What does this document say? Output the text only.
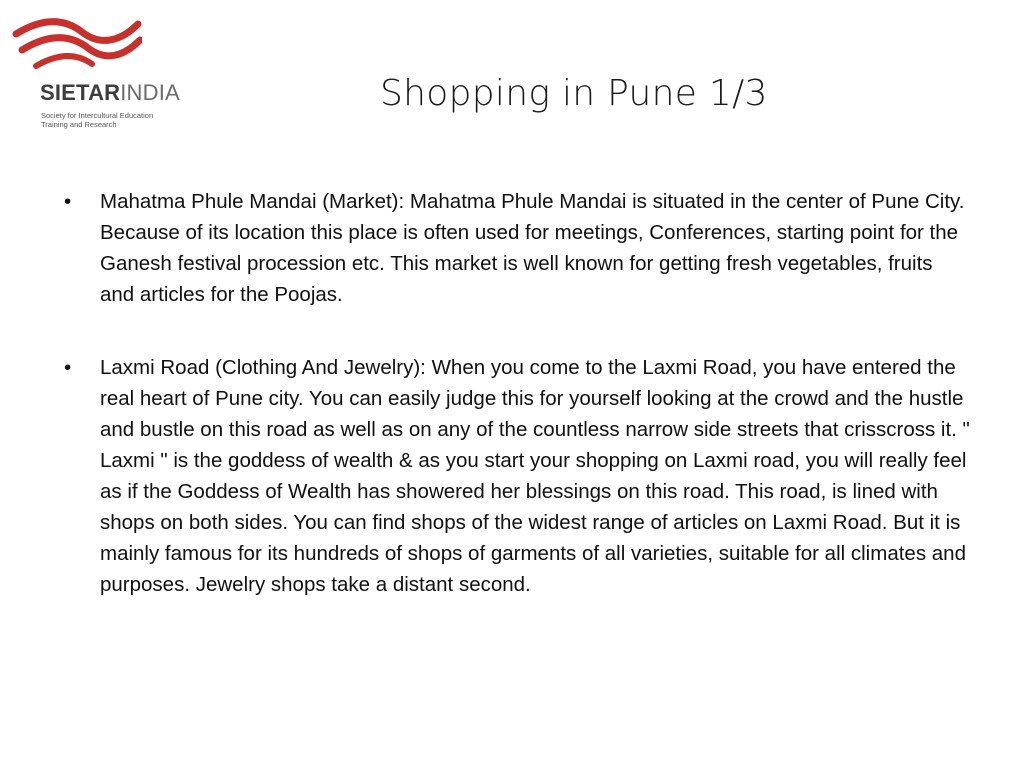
SIETARINDIA
Society for Intercultural Education
Training and Research
Shopping in Pune 1/3
• Mahatma Phule Mandai (Market): Mahatma Phule Mandai is situated in the center of Pune City. Because of its location this place is often used for meetings, Conferences, starting point for the Ganesh festival procession etc. This market is well known for getting fresh vegetables, fruits and articles for the Poojas.
• Laxmi Road (Clothing And Jewelry): When you come to the Laxmi Road, you have entered the real heart of Pune city. You can easily judge this for yourself looking at the crowd and the hustle and bustle on this road as well as on any of the countless narrow side streets that crisscross it. " Laxmi " is the goddess of wealth & as you start your shopping on Laxmi road, you will really feel as if the Goddess of Wealth has showered her blessings on this road. This road, is lined with shops on both sides. You can find shops of the widest range of articles on Laxmi Road. But it is mainly famous for its hundreds of shops of garments of all varieties, suitable for all climates and purposes. Jewelry shops take a distant second.
